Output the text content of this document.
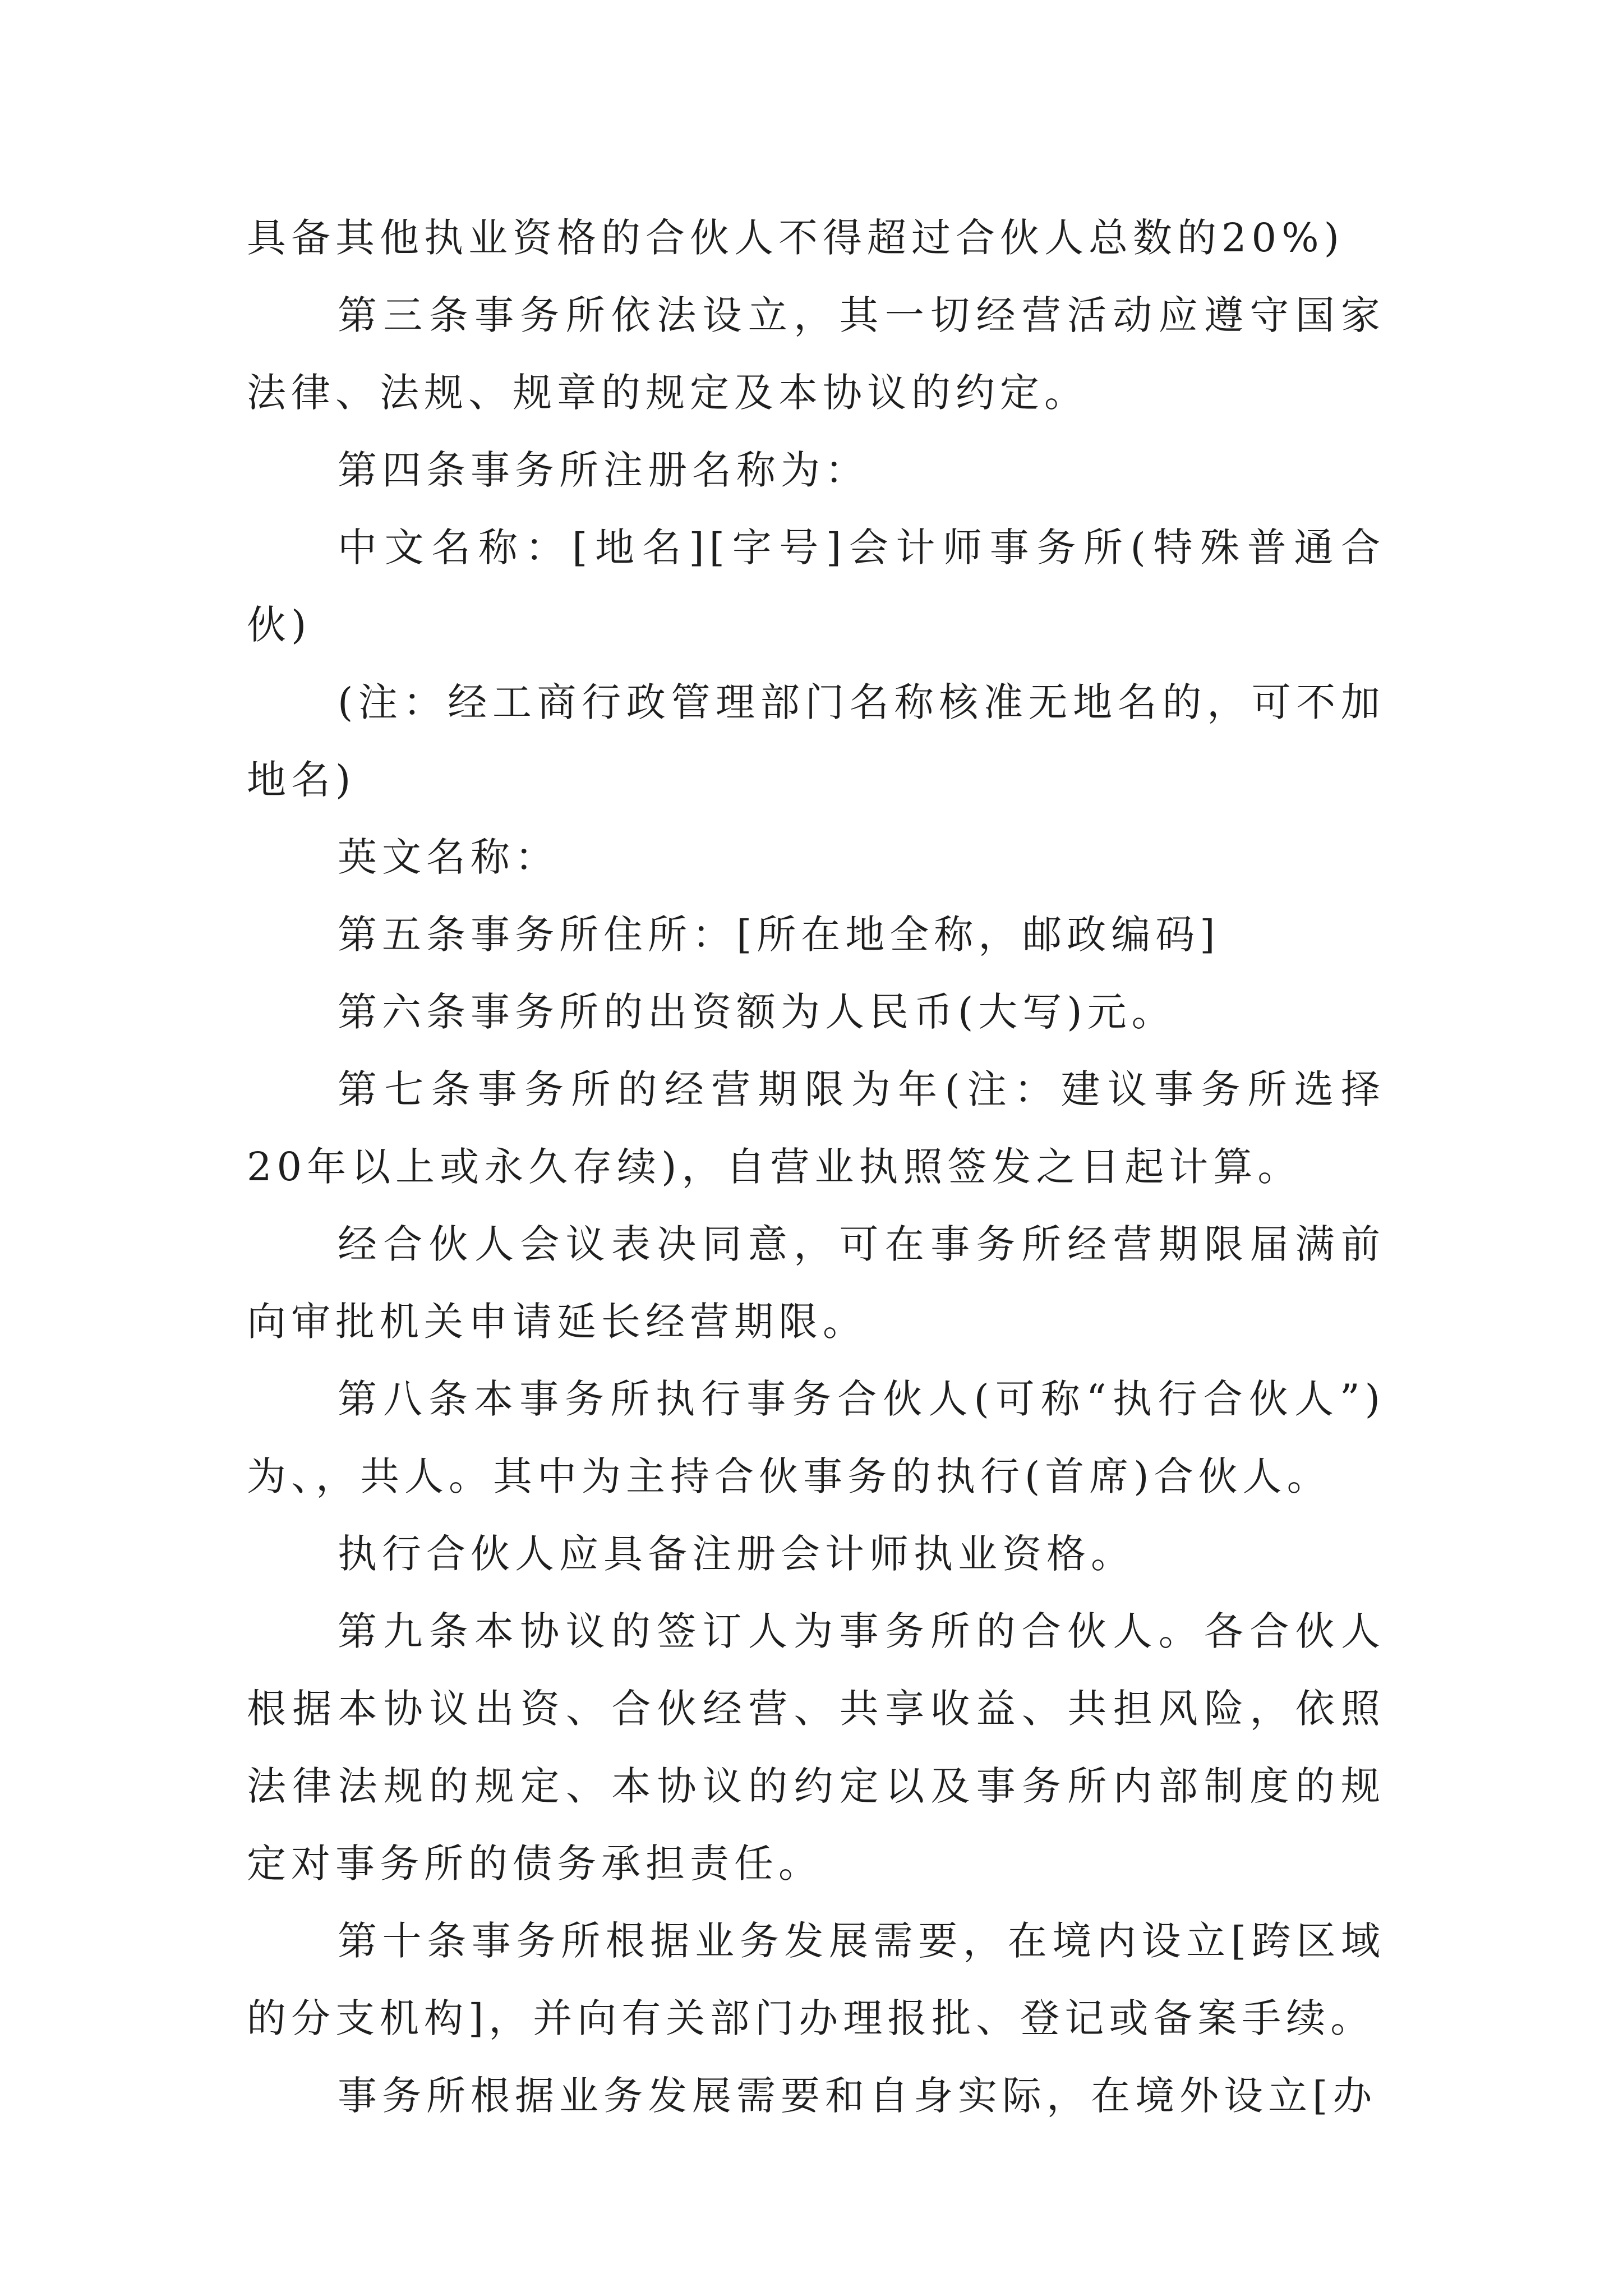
具备其他执业资格的合伙人不得超过合伙人总数的20%)

第三条事务所依法设立，其一切经营活动应遵守国家法律、法规、规章的规定及本协议的约定。

第四条事务所注册名称为：

中文名称：[地名][字号]会计师事务所(特殊普通合伙)

(注：经工商行政管理部门名称核准无地名的，可不加地名)

英文名称：

第五条事务所住所：[所在地全称，邮政编码]

第六条事务所的出资额为人民币(大写)元。

第七条事务所的经营期限为年(注：建议事务所选择20年以上或永久存续)，自营业执照签发之日起计算。

经合伙人会议表决同意，可在事务所经营期限届满前向审批机关申请延长经营期限。

第八条本事务所执行事务合伙人(可称“执行合伙人”)为、，共人。其中为主持合伙事务的执行(首席)合伙人。

执行合伙人应具备注册会计师执业资格。

第九条本协议的签订人为事务所的合伙人。各合伙人根据本协议出资、合伙经营、共享收益、共担风险，依照法律法规的规定、本协议的约定以及事务所内部制度的规定对事务所的债务承担责任。

第十条事务所根据业务发展需要，在境内设立[跨区域的分支机构]，并向有关部门办理报批、登记或备案手续。

事务所根据业务发展需要和自身实际，在境外设立[办
